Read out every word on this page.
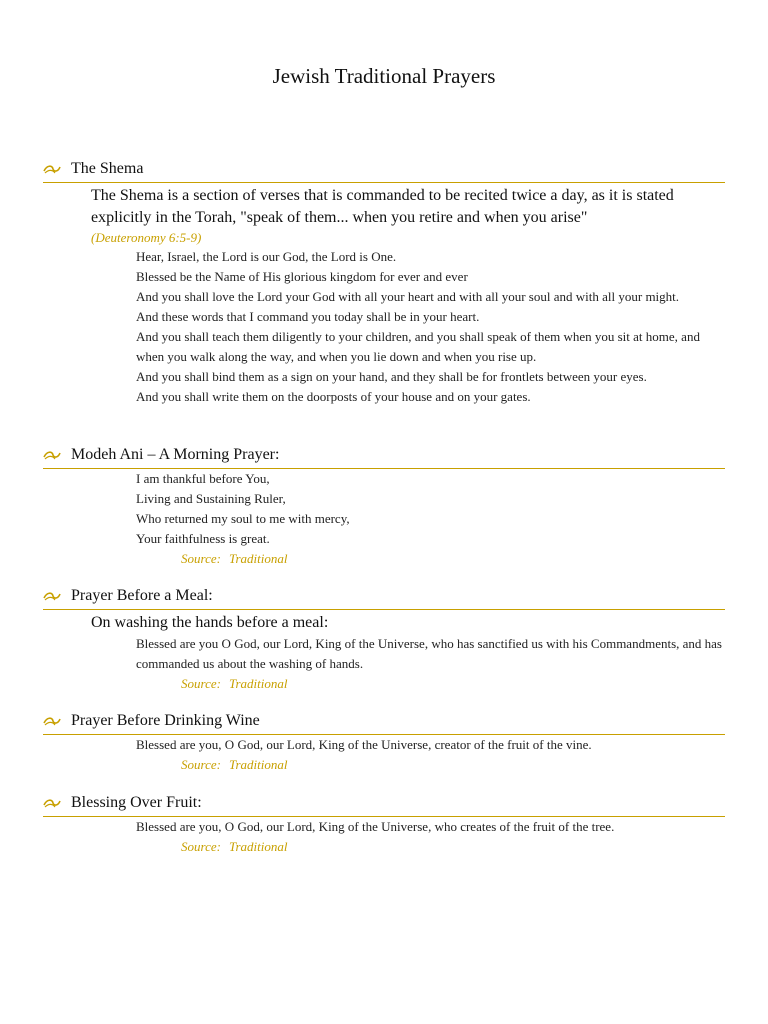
Jewish Traditional Prayers
The Shema
The Shema is a section of verses that is commanded to be recited twice a day, as it is stated explicitly in the Torah, "speak of them... when you retire and when you arise"
(Deuteronomy 6:5-9)
Hear, Israel, the Lord is our God, the Lord is One.
Blessed be the Name of His glorious kingdom for ever and ever
And you shall love the Lord your God with all your heart and with all your soul and with all your might.
And these words that I command you today shall be in your heart.
And you shall teach them diligently to your children, and you shall speak of them when you sit at home, and when you walk along the way, and when you lie down and when you rise up.
And you shall bind them as a sign on your hand, and they shall be for frontlets between your eyes.
And you shall write them on the doorposts of your house and on your gates.
Modeh Ani – A Morning Prayer:
I am thankful before You,
Living and Sustaining Ruler,
Who returned my soul to me with mercy,
Your faithfulness is great.
Source: Traditional
Prayer Before a Meal:
On washing the hands before a meal:
Blessed are you O God, our Lord, King of the Universe, who has sanctified us with his Commandments, and has commanded us about the washing of hands.
Source: Traditional
Prayer Before Drinking Wine
Blessed are you, O God, our Lord, King of the Universe, creator of the fruit of the vine.
Source: Traditional
Blessing Over Fruit:
Blessed are you, O God, our Lord, King of the Universe, who creates of the fruit of the tree.
Source: Traditional
